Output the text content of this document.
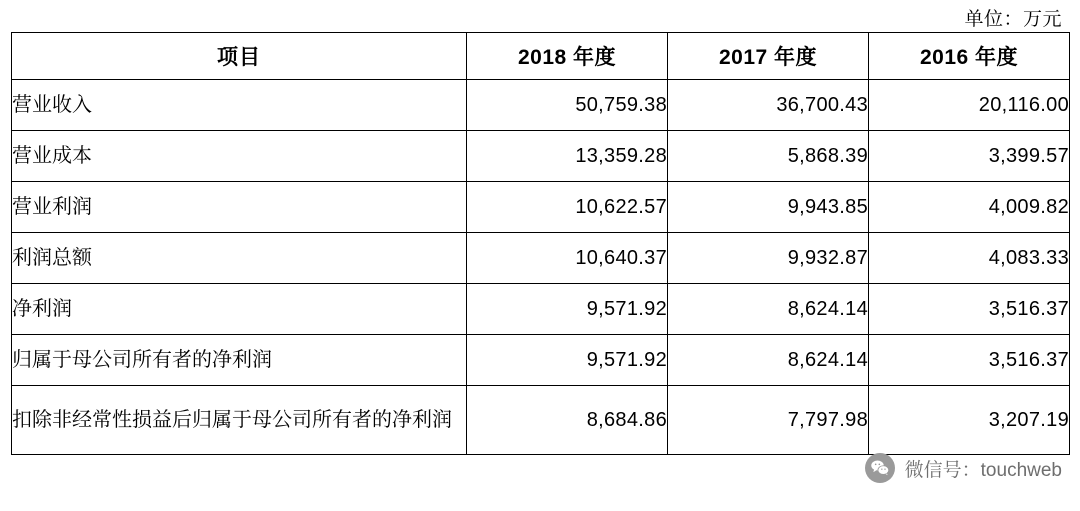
单位：万元
项目	2018 年度	2017 年度	2016 年度
营业收入	50,759.38	36,700.43	20,116.00
营业成本	13,359.28	5,868.39	3,399.57
营业利润	10,622.57	9,943.85	4,009.82
利润总额	10,640.37	9,932.87	4,083.33
净利润	9,571.92	8,624.14	3,516.37
归属于母公司所有者的净利润	9,571.92	8,624.14	3,516.37
扣除非经常性损益后归属于母公司所有者的净利润	8,684.86	7,797.98	3,207.19
微信号：touchweb
